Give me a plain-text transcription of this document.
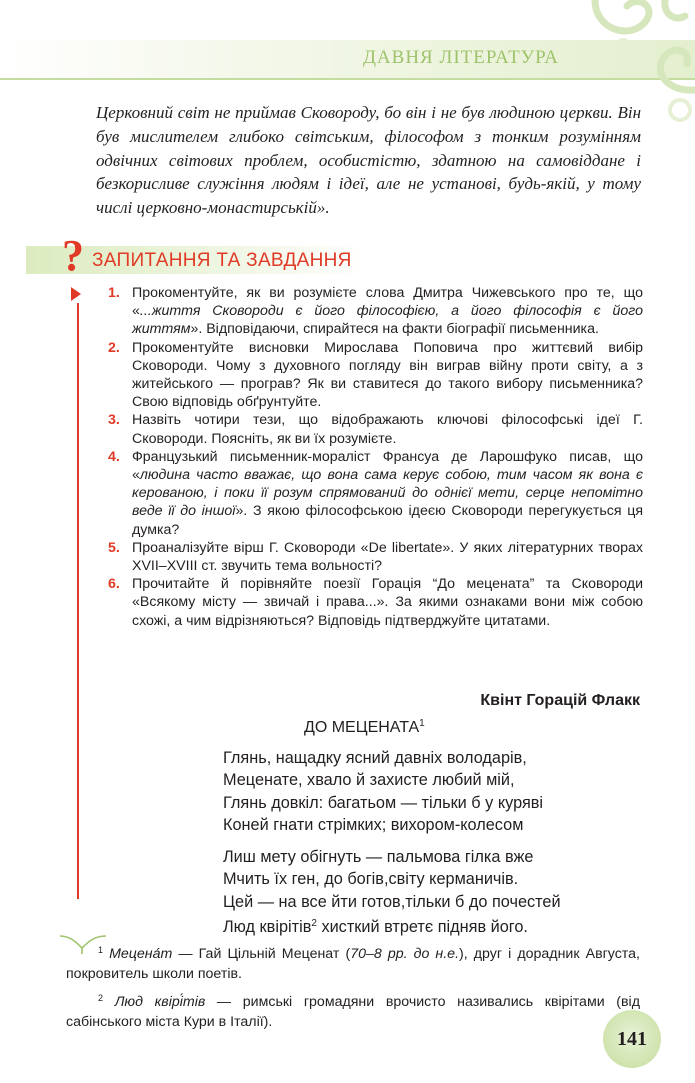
ДАВНЯ ЛІТЕРАТУРА
Церковний світ не приймав Сковороду, бо він і не був людиною церкви. Він був мислителем глибоко світським, філософом з тонким розумінням одвічних світових проблем, особистістю, здатною на самовіддане і безкорисливе служіння людям і ідеї, але не установі, будь-якій, у тому числі церковно-монастирській».
? ЗАПИТАННЯ ТА ЗАВДАННЯ
1. Прокоментуйте, як ви розумієте слова Дмитра Чижевського про те, що «...життя Сковороди є його філософією, а його філософія є його життям». Відповідаючи, спирайтеся на факти біографії письменника.
2. Прокоментуйте висновки Мирослава Поповича про життєвий вибір Сковороди. Чому з духовного погляду він виграв війну проти світу, а з житейського — програв? Як ви ставитеся до такого вибору письменника? Свою відповідь обґрунтуйте.
3. Назвіть чотири тези, що відображають ключові філософські ідеї Г. Сковороди. Поясніть, як ви їх розумієте.
4. Французький письменник-мораліст Франсуа де Ларошфуко писав, що «людина часто вважає, що вона сама керує собою, тим часом як вона є керованою, і поки її розум спрямований до однієї мети, серце непомітно веде її до іншої». З якою філософською ідеєю Сковороди перегукується ця думка?
5. Проаналізуйте вірш Г. Сковороди «De libertate». У яких літературних творах XVII–XVIII ст. звучить тема вольності?
6. Прочитайте й порівняйте поезії Горація “До мецената” та Сковороди «Всякому місту — звичай і права...». За якими ознаками вони між собою схожі, а чим відрізняються? Відповідь підтверджуйте цитатами.
Квінт Горацій Флакк
ДО МЕЦЕНАТА$^1$
Глянь, нащадку ясний давніх володарів,
Меценате, хвало й захисте любий мій,
Глянь довкіл: багатьом — тільки б у куряві
Коней гнати стрімких; вихором-колесом
Лиш мету обігнуть — пальмова гілка вже
Мчить їх ген, до богів,світу керманичів.
Цей — на все йти готов,тільки б до почестей
Люд квірітів$^2$ хисткий втретє підняв його.

$^1$ Мецена́т — Гай Цільній Меценат (70–8 рр. до н.е.), друг і дорадник Августа, покровитель школи поетів.

$^2$ Люд квірі́тів — римські громадяни врочисто називались квірітами (від сабінського міста Кури в Італії).

141
